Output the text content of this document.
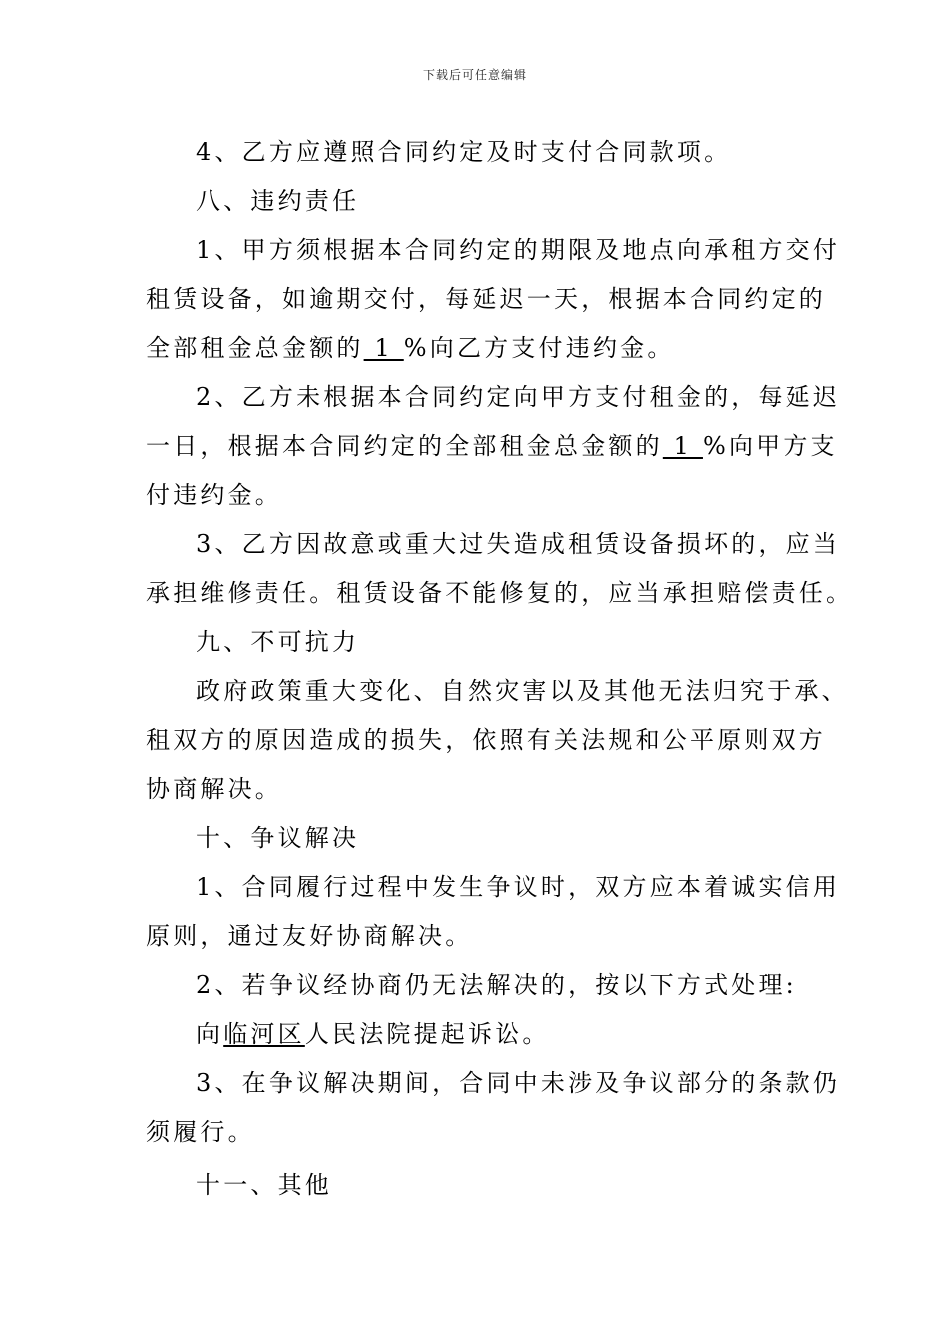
下载后可任意编辑
4、乙方应遵照合同约定及时支付合同款项。
八、违约责任
1、甲方须根据本合同约定的期限及地点向承租方交付
租赁设备，如逾期交付，每延迟一天，根据本合同约定的
全部租金总金额的 1 %向乙方支付违约金。
2、乙方未根据本合同约定向甲方支付租金的，每延迟
一日，根据本合同约定的全部租金总金额的 1 %向甲方支
付违约金。
3、乙方因故意或重大过失造成租赁设备损坏的，应当
承担维修责任。租赁设备不能修复的，应当承担赔偿责任。
九、不可抗力
政府政策重大变化、自然灾害以及其他无法归究于承、
租双方的原因造成的损失，依照有关法规和公平原则双方
协商解决。
十、争议解决
1、合同履行过程中发生争议时，双方应本着诚实信用
原则，通过友好协商解决。
2、若争议经协商仍无法解决的，按以下方式处理:
向临河区人民法院提起诉讼。
3、在争议解决期间，合同中未涉及争议部分的条款仍
须履行。
十一、其他
